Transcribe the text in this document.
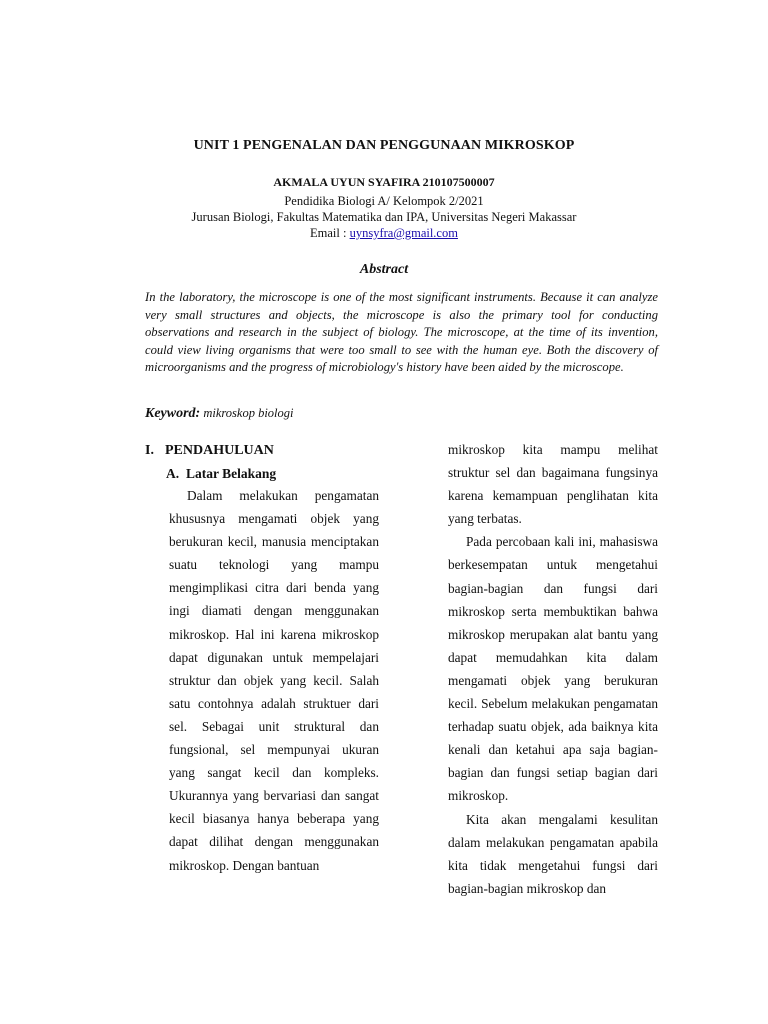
UNIT 1 PENGENALAN DAN PENGGUNAAN MIKROSKOP
AKMALA UYUN SYAFIRA 210107500007
Pendidika Biologi A/ Kelompok 2/2021
Jurusan Biologi, Fakultas Matematika dan IPA, Universitas Negeri Makassar
Email : uynsyfra@gmail.com
Abstract

In the laboratory, the microscope is one of the most significant instruments. Because it can analyze very small structures and objects, the microscope is also the primary tool for conducting observations and research in the subject of biology. The microscope, at the time of its invention, could view living organisms that were too small to see with the human eye. Both the discovery of microorganisms and the progress of microbiology's history have been aided by the microscope.

Keyword: mikroskop biologi
I. PENDAHULUAN
A. Latar Belakang

Dalam melakukan pengamatan khususnya mengamati objek yang berukuran kecil, manusia menciptakan suatu teknologi yang mampu mengimplikasi citra dari benda yang ingi diamati dengan menggunakan mikroskop. Hal ini karena mikroskop dapat digunakan untuk mempelajari struktur dan objek yang kecil. Salah satu contohnya adalah struktuer dari sel. Sebagai unit struktural dan fungsional, sel mempunyai ukuran yang sangat kecil dan kompleks. Ukurannya yang bervariasi dan sangat kecil biasanya hanya beberapa yang dapat dilihat dengan menggunakan mikroskop. Dengan bantuan

mikroskop kita mampu melihat struktur sel dan bagaimana fungsinya karena kemampuan penglihatan kita yang terbatas.

Pada percobaan kali ini, mahasiswa berkesempatan untuk mengetahui bagian-bagian dan fungsi dari mikroskop serta membuktikan bahwa mikroskop merupakan alat bantu yang dapat memudahkan kita dalam mengamati objek yang berukuran kecil. Sebelum melakukan pengamatan terhadap suatu objek, ada baiknya kita kenali dan ketahui apa saja bagian-bagian dan fungsi setiap bagian dari mikroskop.

Kita akan mengalami kesulitan dalam melakukan pengamatan apabila kita tidak mengetahui fungsi dari bagian-bagian mikroskop dan
